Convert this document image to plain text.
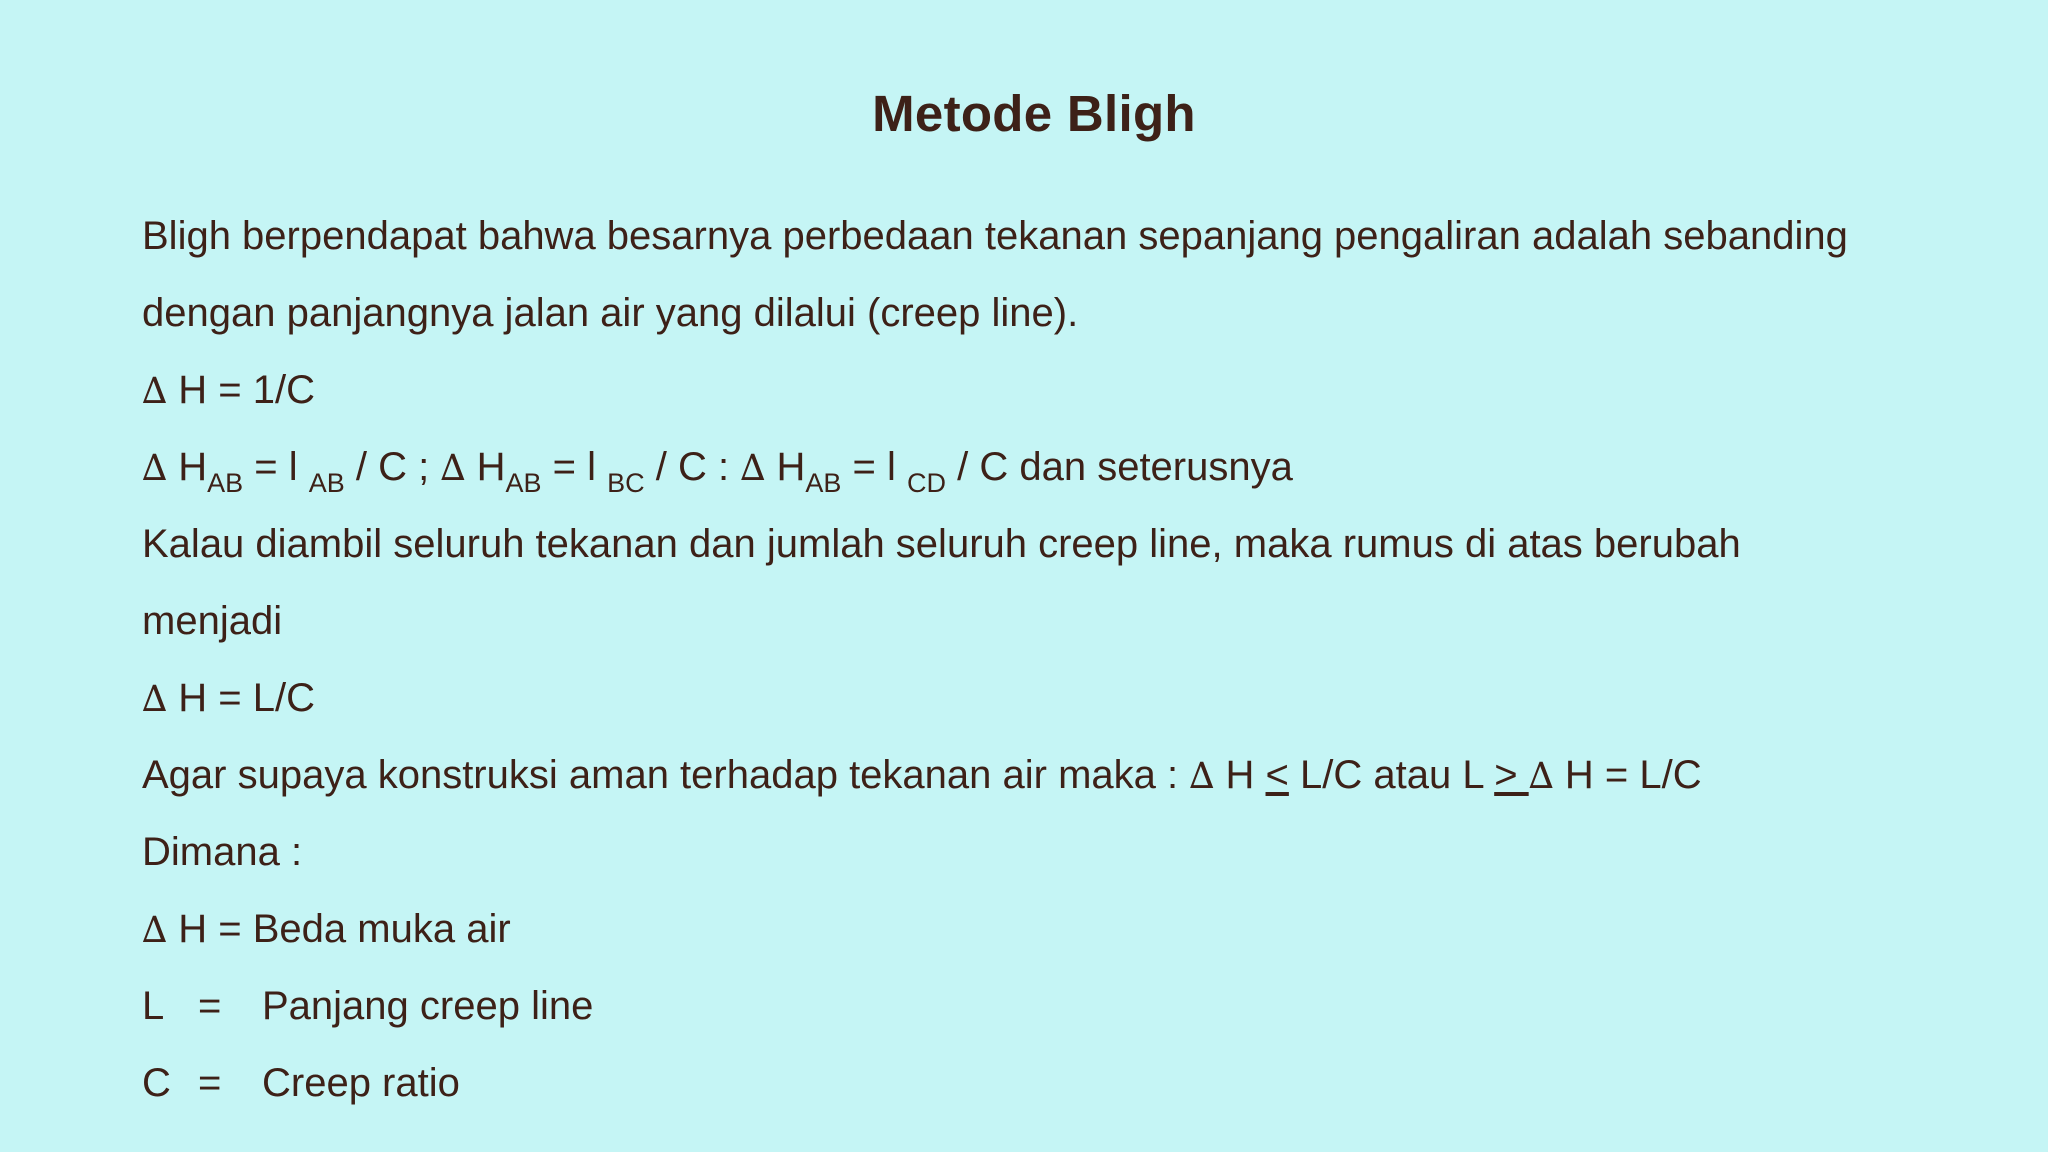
Metode Bligh
Bligh berpendapat bahwa besarnya perbedaan tekanan sepanjang pengaliran adalah sebanding
dengan panjangnya jalan air yang dilalui (creep line).
∆ H = 1/C
∆ $H_{AB} = l$ $_{AB}$ / C ; ∆ $H_{AB} = l$ $_{BC}$ / C : ∆ $H_{AB} = l$ $_{CD}$ / C dan seterusnya
Kalau diambil seluruh tekanan dan jumlah seluruh creep line, maka rumus di atas berubah
menjadi
∆ H = L/C
Agar supaya konstruksi aman terhadap tekanan air maka : ∆ H < L/C atau L > ∆ H = L/C
Dimana :
∆ H = Beda muka air
L = Panjang creep line
C = Creep ratio
